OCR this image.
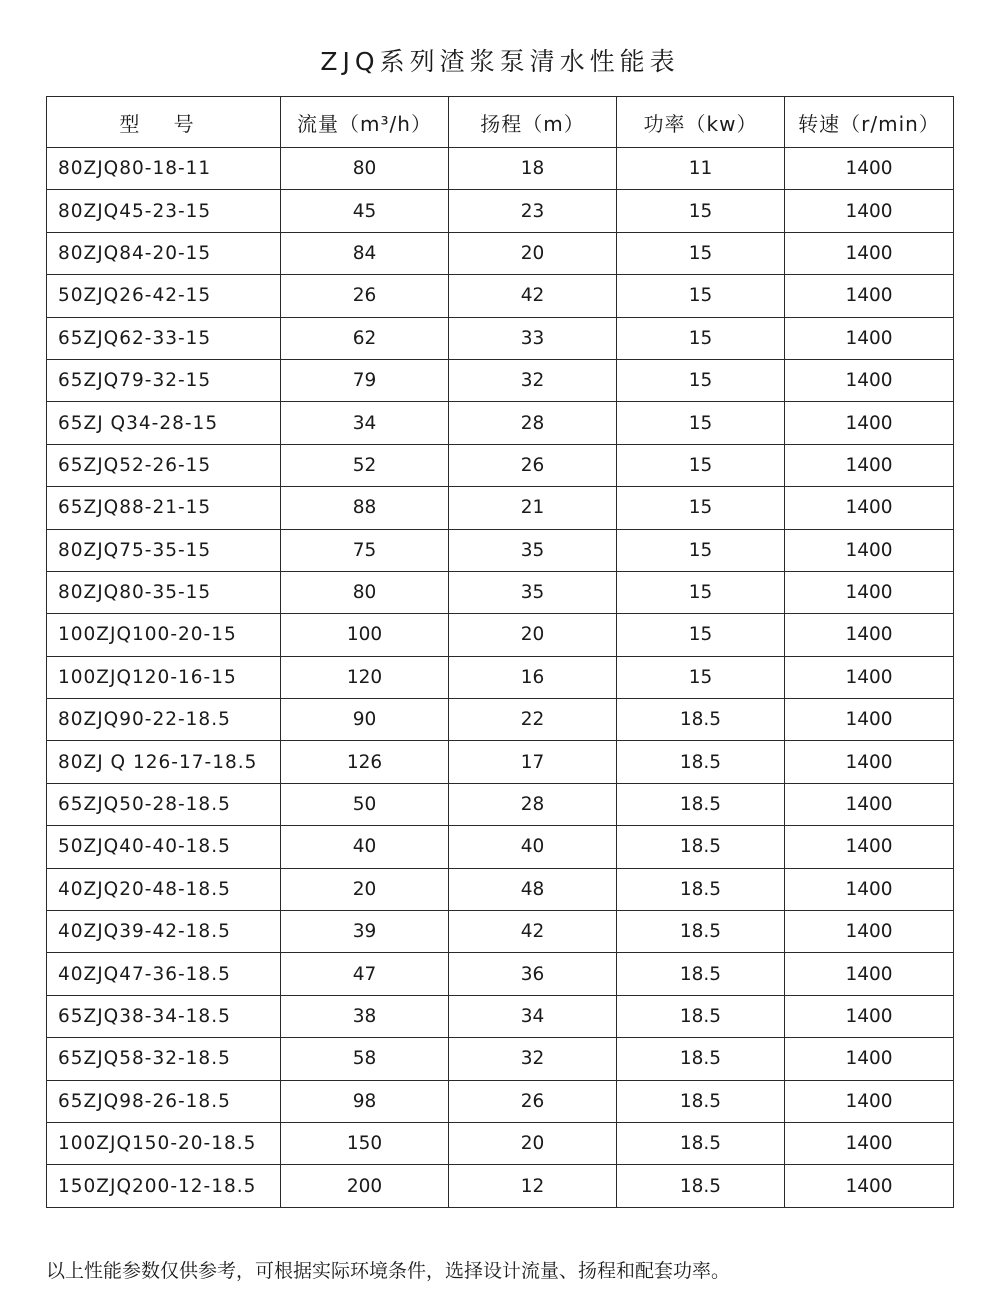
ZJQ系列渣浆泵清水性能表
型 号	流量（m³/h）	扬程（m）	功率（kw）	转速（r/min）
80ZJQ80-18-11	80	18	11	1400
80ZJQ45-23-15	45	23	15	1400
80ZJQ84-20-15	84	20	15	1400
50ZJQ26-42-15	26	42	15	1400
65ZJQ62-33-15	62	33	15	1400
65ZJQ79-32-15	79	32	15	1400
65ZJ Q34-28-15	34	28	15	1400
65ZJQ52-26-15	52	26	15	1400
65ZJQ88-21-15	88	21	15	1400
80ZJQ75-35-15	75	35	15	1400
80ZJQ80-35-15	80	35	15	1400
100ZJQ100-20-15	100	20	15	1400
100ZJQ120-16-15	120	16	15	1400
80ZJQ90-22-18.5	90	22	18.5	1400
80ZJ Q 126-17-18.5	126	17	18.5	1400
65ZJQ50-28-18.5	50	28	18.5	1400
50ZJQ40-40-18.5	40	40	18.5	1400
40ZJQ20-48-18.5	20	48	18.5	1400
40ZJQ39-42-18.5	39	42	18.5	1400
40ZJQ47-36-18.5	47	36	18.5	1400
65ZJQ38-34-18.5	38	34	18.5	1400
65ZJQ58-32-18.5	58	32	18.5	1400
65ZJQ98-26-18.5	98	26	18.5	1400
100ZJQ150-20-18.5	150	20	18.5	1400
150ZJQ200-12-18.5	200	12	18.5	1400
以上性能参数仅供参考，可根据实际环境条件，选择设计流量、扬程和配套功率。
